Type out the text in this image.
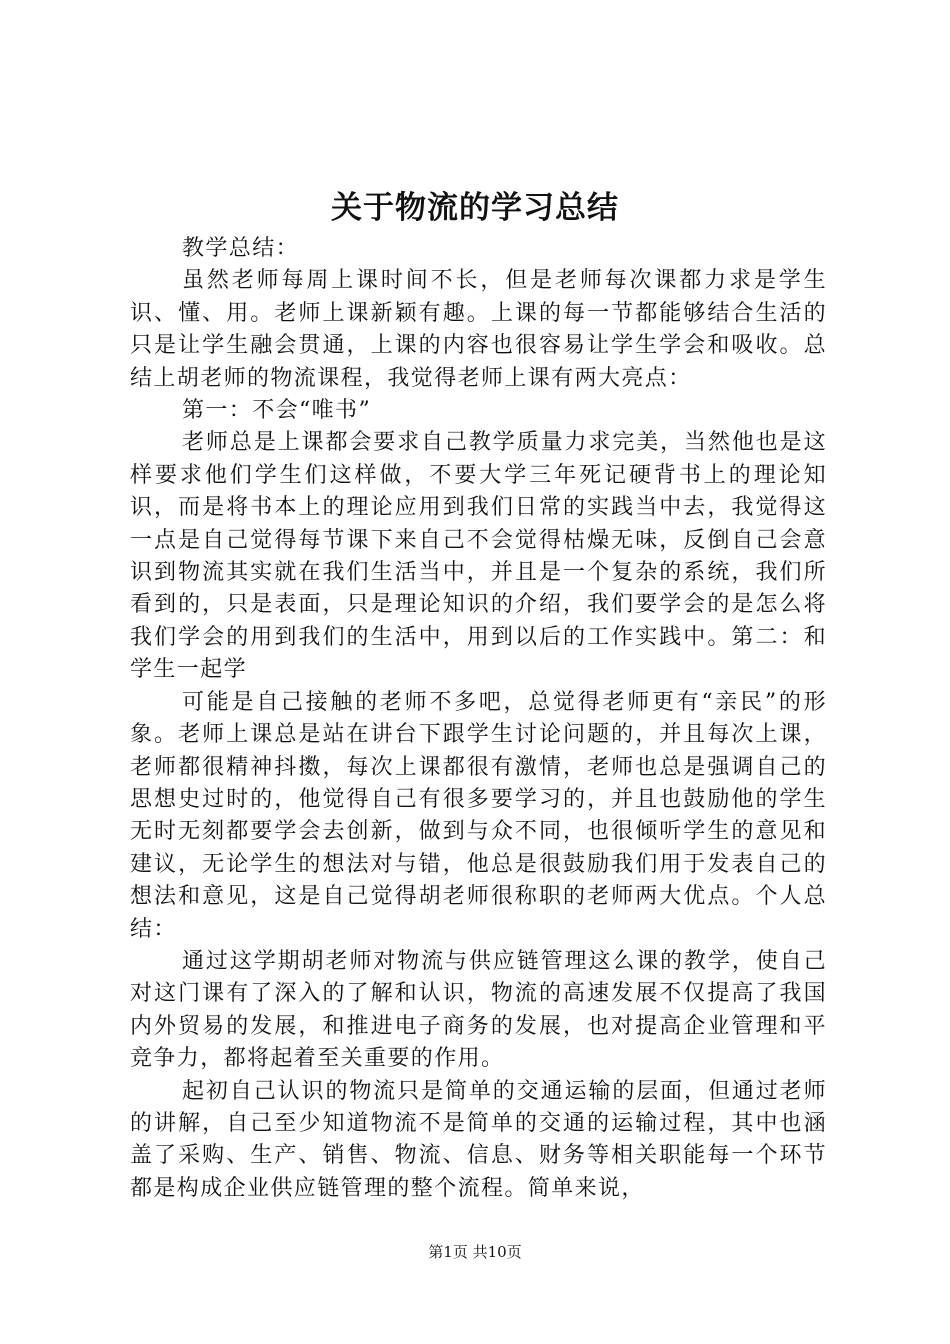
关于物流的学习总结

教学总结：

虽然老师每周上课时间不长，但是老师每次课都力求是学生识、懂、用。老师上课新颖有趣。上课的每一节都能够结合生活的只是让学生融会贯通，上课的内容也很容易让学生学会和吸收。总结上胡老师的物流课程，我觉得老师上课有两大亮点：

第一：不会“唯书”

老师总是上课都会要求自己教学质量力求完美，当然他也是这样要求他们学生们这样做，不要大学三年死记硬背书上的理论知识，而是将书本上的理论应用到我们日常的实践当中去，我觉得这一点是自己觉得每节课下来自己不会觉得枯燥无味，反倒自己会意识到物流其实就在我们生活当中，并且是一个复杂的系统，我们所看到的，只是表面，只是理论知识的介绍，我们要学会的是怎么将我们学会的用到我们的生活中，用到以后的工作实践中。第二：和学生一起学

可能是自己接触的老师不多吧，总觉得老师更有“亲民”的形象。老师上课总是站在讲台下跟学生讨论问题的，并且每次上课，老师都很精神抖擞，每次上课都很有激情，老师也总是强调自己的思想史过时的，他觉得自己有很多要学习的，并且也鼓励他的学生无时无刻都要学会去创新，做到与众不同，也很倾听学生的意见和建议，无论学生的想法对与错，他总是很鼓励我们用于发表自己的想法和意见，这是自己觉得胡老师很称职的老师两大优点。个人总结：

通过这学期胡老师对物流与供应链管理这么课的教学，使自己对这门课有了深入的了解和认识，物流的高速发展不仅提高了我国内外贸易的发展，和推进电子商务的发展，也对提高企业管理和平竞争力，都将起着至关重要的作用。

起初自己认识的物流只是简单的交通运输的层面，但通过老师的讲解，自己至少知道物流不是简单的交通的运输过程，其中也涵盖了采购、生产、销售、物流、信息、财务等相关职能每一个环节都是构成企业供应链管理的整个流程。简单来说，

第1页 共10页
